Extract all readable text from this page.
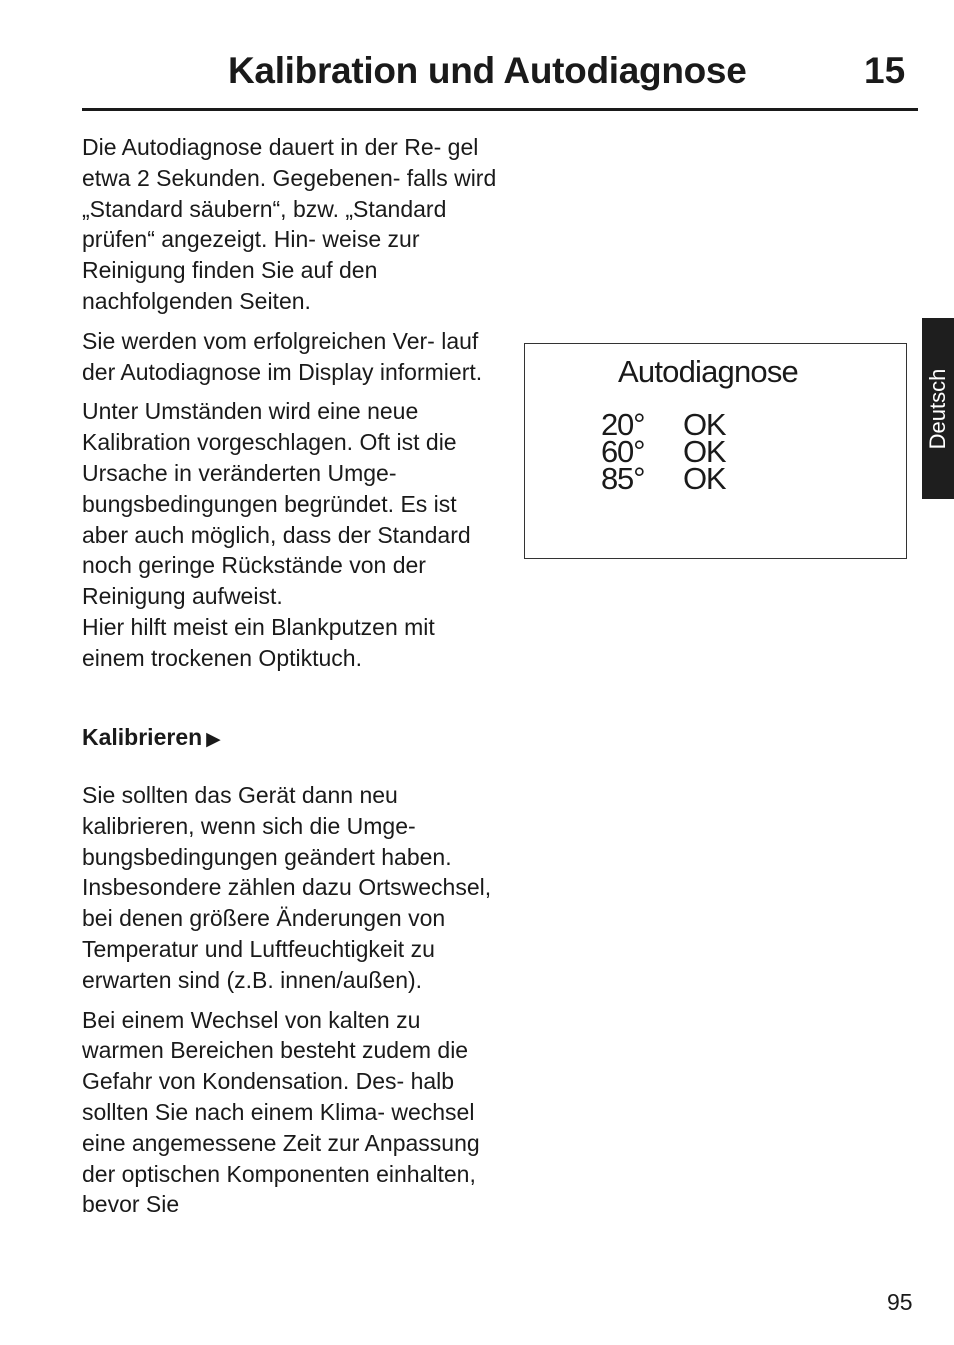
Kalibration und Autodiagnose	15

Die Autodiagnose dauert in der Re- gel etwa 2 Sekunden. Gegebenen- falls wird „Standard säubern“, bzw. „Standard prüfen“ angezeigt. Hin- weise zur Reinigung finden Sie auf den nachfolgenden Seiten.

Sie werden vom erfolgreichen Ver- lauf der Autodiagnose im Display informiert.

Unter Umständen wird eine neue Kalibration vorgeschlagen. Oft ist die Ursache in veränderten Umge- bungsbedingungen begründet. Es ist aber auch möglich, dass der Standard noch geringe Rückstände von der Reinigung aufweist.

Hier hilft meist ein Blankputzen mit einem trockenen Optiktuch.

Kalibrieren ▶

Sie sollten das Gerät dann neu kalibrieren, wenn sich die Umge- bungsbedingungen geändert haben. Insbesondere zählen dazu Ortswechsel, bei denen größere Änderungen von Temperatur und Luftfeuchtigkeit zu erwarten sind (z.B. innen/außen).

Bei einem Wechsel von kalten zu warmen Bereichen besteht zudem die Gefahr von Kondensation. Des- halb sollten Sie nach einem Klima- wechsel eine angemessene Zeit zur Anpassung der optischen Komponenten einhalten, bevor Sie

Autodiagnose
20° OK
60° OK
85° OK
Deutsch
95
